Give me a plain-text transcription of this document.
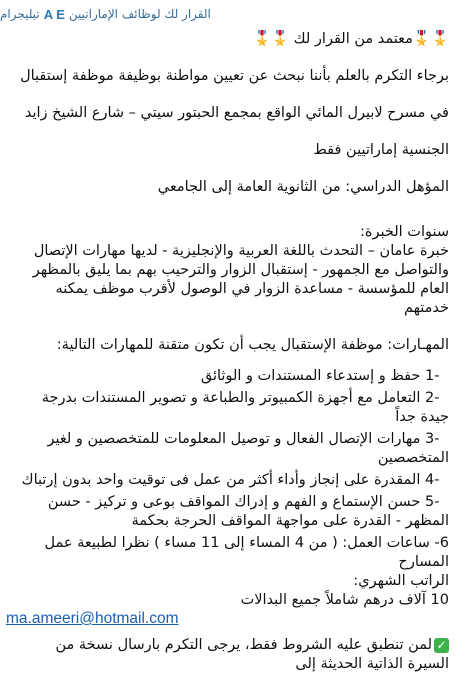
القرار لك لوظائف الإماراتيين
A E
تيليجرام

🎖️🎖️معتمد من القرار لك 🎖️🎖️

برجاء التكرم بالعلم بأننا نبحث عن تعيين مواطنة بوظيفة موظفة إستقبال

في مسرح لابيرل المائي الواقع بمجمع الحبتور سيتي – شارع الشيخ زايد

الجنسية إماراتيين فقط

المؤهل الدراسي: من الثانوية العامة إلى الجامعي

سنوات الخبرة:

خبرة عامان – التحدث باللغة العربية والإنجليزية - لديها مهارات الإتصال والتواصل مع الجمهور - إستقبال الزوار والترحيب بهم بما يليق بالمظهر العام للمؤسسة - مساعدة الزوار في الوصول لأقرب موظف يمكنه خدمتهم

المهـارات: موظفة الإستقبال يجب أن تكون متقنة للمهارات التالية:

-1 حفظ و إستدعاء المستندات و الوثائق

-2 التعامل مع أجهزة الكمبيوتر والطباعة و تصوير المستندات بدرجة جيدة جداً

-3 مهارات الإتصال الفعال و توصيل المعلومات للمتخصصين و لغير المتخصصين

-4 المقدرة على إنجاز وأداء أكثر من عمل فى توقيت واحد بدون إرتباك

-5 حسن الإستماع و الفهم و إدراك المواقف بوعى و تركيز - حسن المظهر - القدرة على مواجهة المواقف الحرجة بحكمة

6- ساعات العمل: ( من 4 المساء إلى 11 مساء ) نظرا لطبيعة عمل المسارح

الراتب الشهري:

10 آلاف درهم شاملاً جميع البدالات

✓لمن تنطبق عليه الشروط فقط، يرجى التكرم بارسال نسخة من السيرة الذاتية الحديثة إلى

ma.ameeri@hotmail.com
